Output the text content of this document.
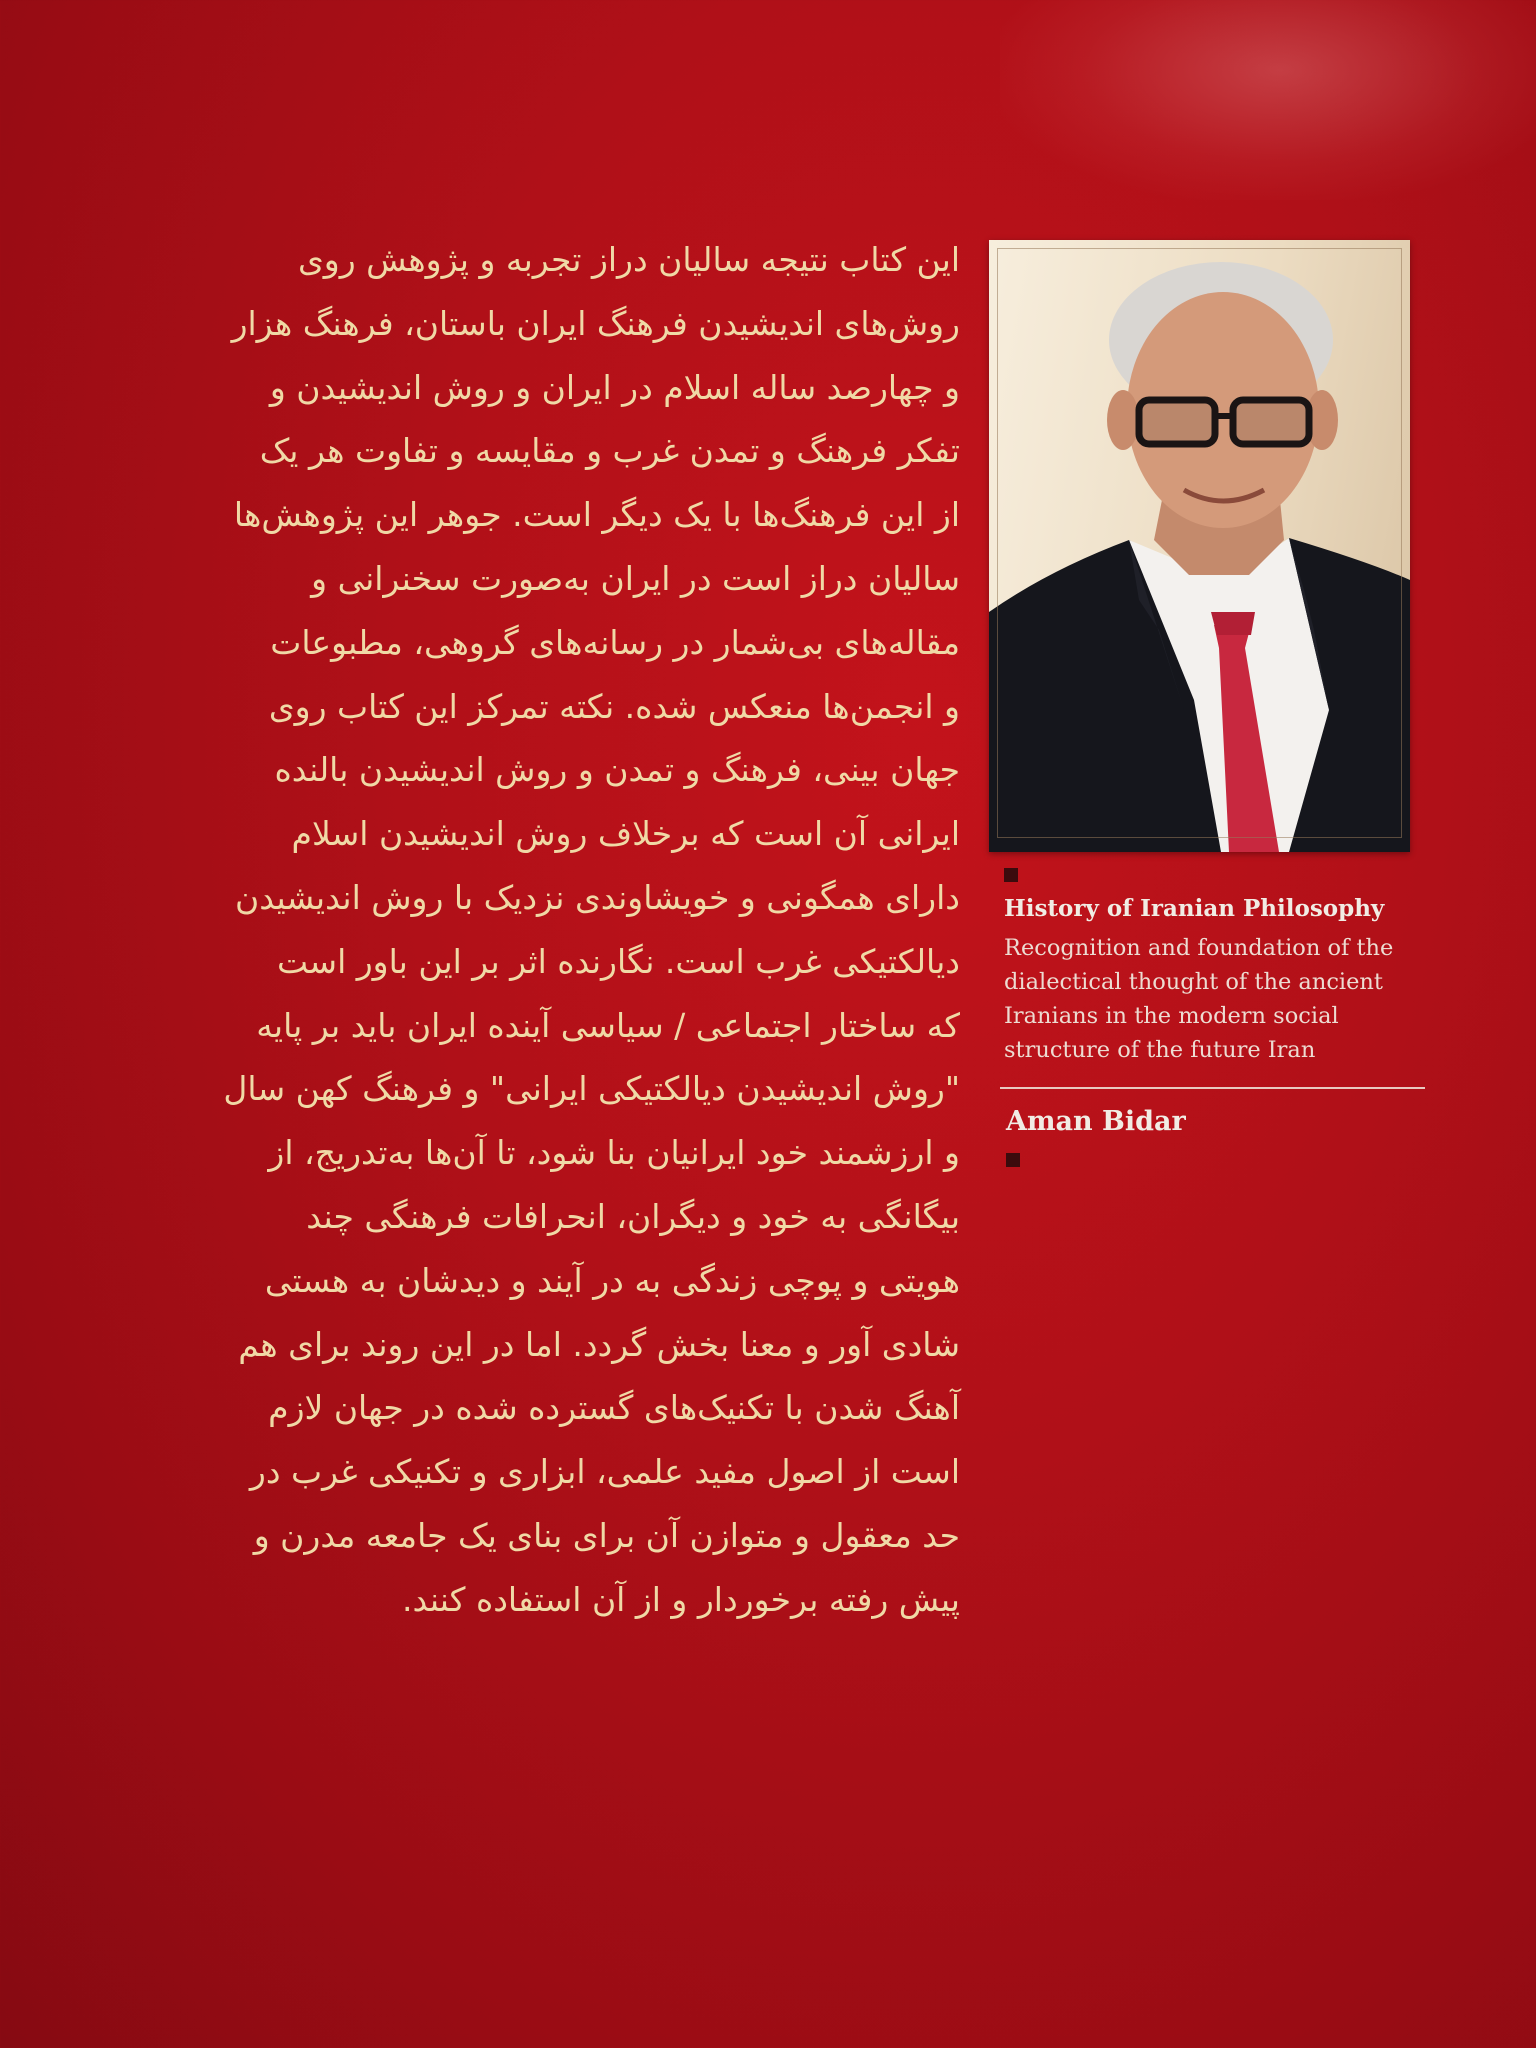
این کتاب نتیجه سالیان دراز تجربه و پژوهش روی
روش‌های اندیشیدن فرهنگ ایران باستان، فرهنگ هزار
و چهارصد ساله اسلام در ایران و روش اندیشیدن و
تفکر فرهنگ و تمدن غرب و مقایسه و تفاوت هر یک
از این فرهنگ‌ها با یک دیگر است. جوهر این پژوهش‌ها
سالیان دراز است در ایران به‌صورت سخنرانی و
مقاله‌های بی‌شمار در رسانه‌های گروهی، مطبوعات
و انجمن‌ها منعکس شده. نکته تمرکز این کتاب روی
جهان بینی، فرهنگ و تمدن و روش اندیشیدن بالنده
ایرانی آن است که برخلاف روش اندیشیدن اسلام
دارای همگونی و خویشاوندی نزدیک با روش اندیشیدن
دیالکتیکی غرب است. نگارنده اثر بر این باور است
که ساختار اجتماعی / سیاسی آینده ایران باید بر پایه
"روش اندیشیدن دیالکتیکی ایرانی" و فرهنگ کهن سال
و ارزشمند خود ایرانیان بنا شود، تا آن‌ها به‌تدریج، از
بیگانگی به خود و دیگران، انحرافات فرهنگی چند
هویتی و پوچی زندگی به در آیند و دیدشان به هستی
شادی آور و معنا بخش گردد. اما در این روند برای هم
آهنگ شدن با تکنیک‌های گسترده شده در جهان لازم
است از اصول مفید علمی، ابزاری و تکنیکی غرب در
حد معقول و متوازن آن برای بنای یک جامعه مدرن و
پیش رفته برخوردار و از آن استفاده کنند.

History of Iranian Philosophy

Recognition and foundation of the
dialectical thought of the ancient
Iranians in the modern social
structure of the future Iran

Aman Bidar
